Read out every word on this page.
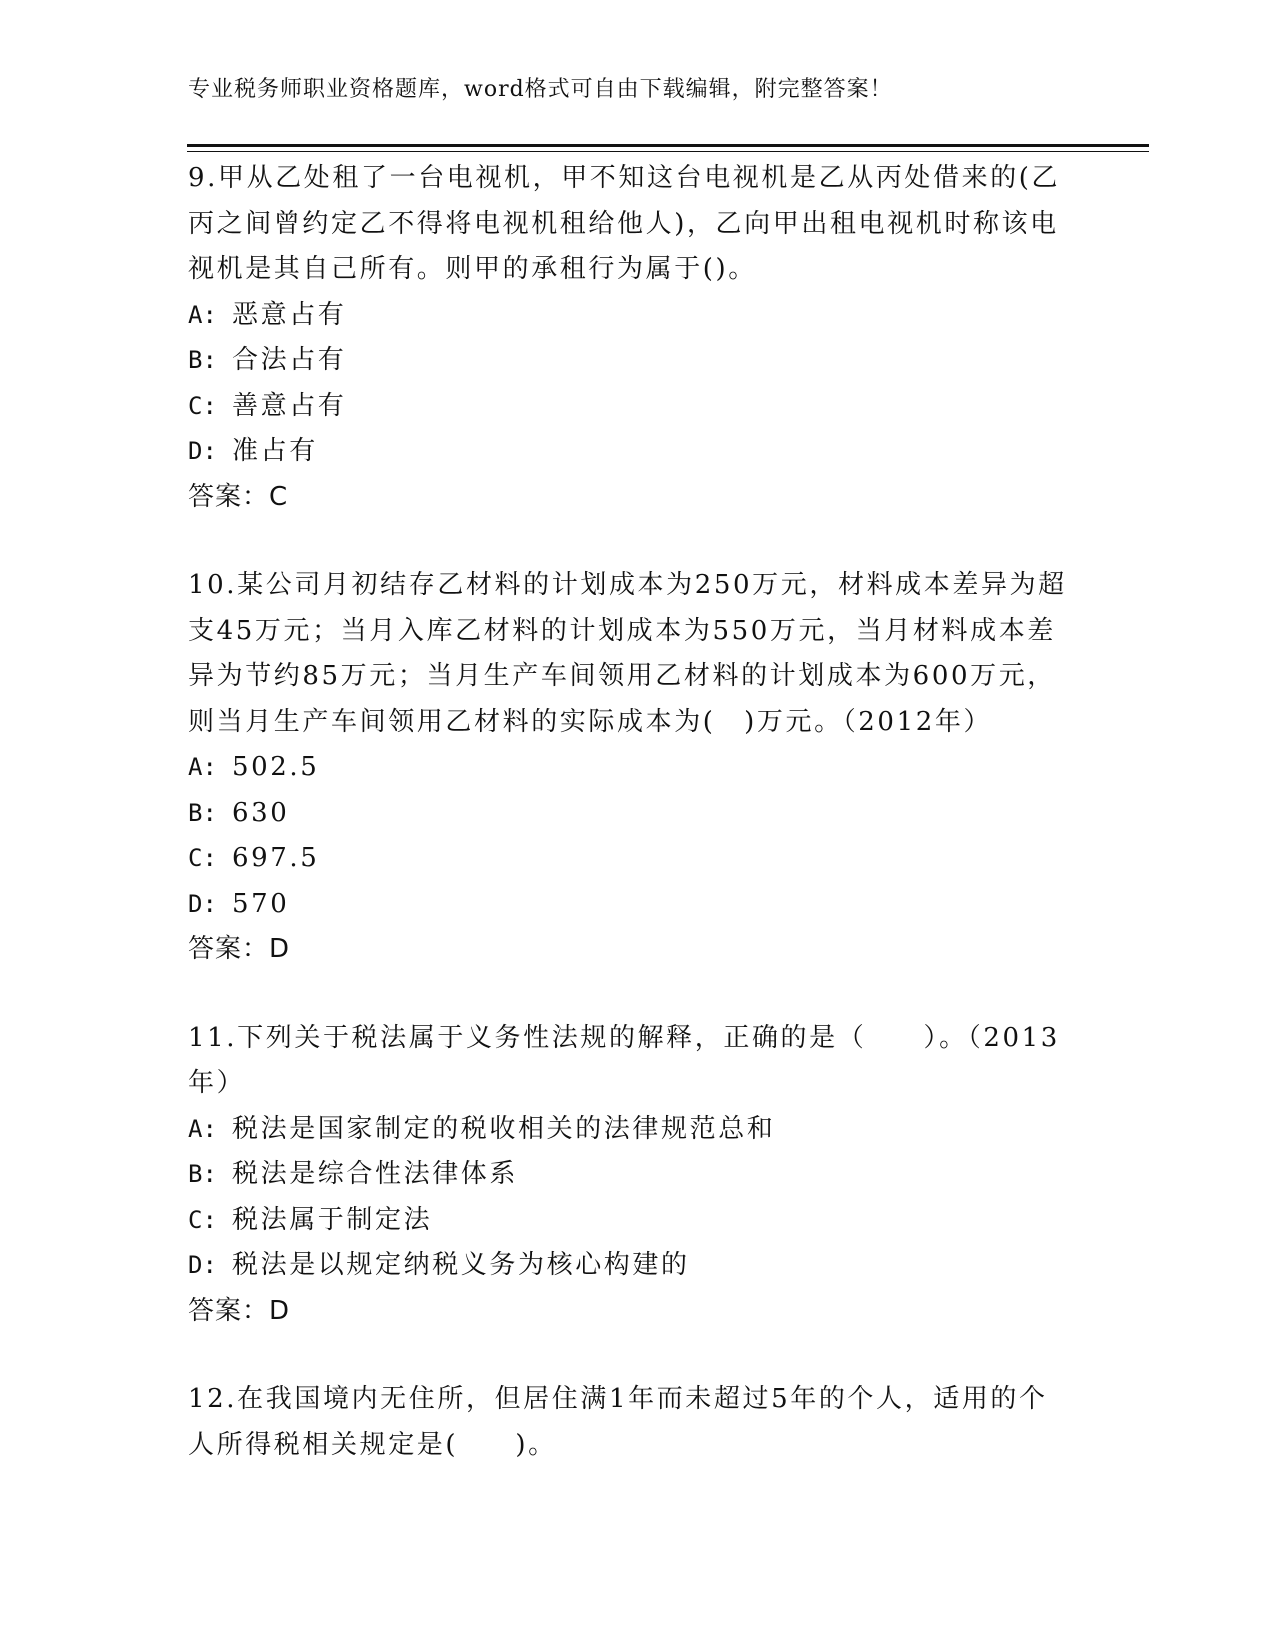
专业税务师职业资格题库，word格式可自由下载编辑，附完整答案！

9.甲从乙处租了一台电视机，甲不知这台电视机是乙从丙处借来的(乙丙之间曾约定乙不得将电视机租给他人)，乙向甲出租电视机时称该电视机是其自己所有。则甲的承租行为属于()。

A: 恶意占有

B: 合法占有

C: 善意占有

D: 准占有

答案：C

10.某公司月初结存乙材料的计划成本为250万元，材料成本差异为超支45万元；当月入库乙材料的计划成本为550万元，当月材料成本差异为节约85万元；当月生产车间领用乙材料的计划成本为600万元，则当月生产车间领用乙材料的实际成本为(　)万元。（2012年）

A: 502.5

B: 630

C: 697.5

D: 570

答案：D

11.下列关于税法属于义务性法规的解释，正确的是（　　）。（2013年）

A: 税法是国家制定的税收相关的法律规范总和

B: 税法是综合性法律体系

C: 税法属于制定法

D: 税法是以规定纳税义务为核心构建的

答案：D

12.在我国境内无住所，但居住满1年而未超过5年的个人，适用的个人所得税相关规定是(　　)。
